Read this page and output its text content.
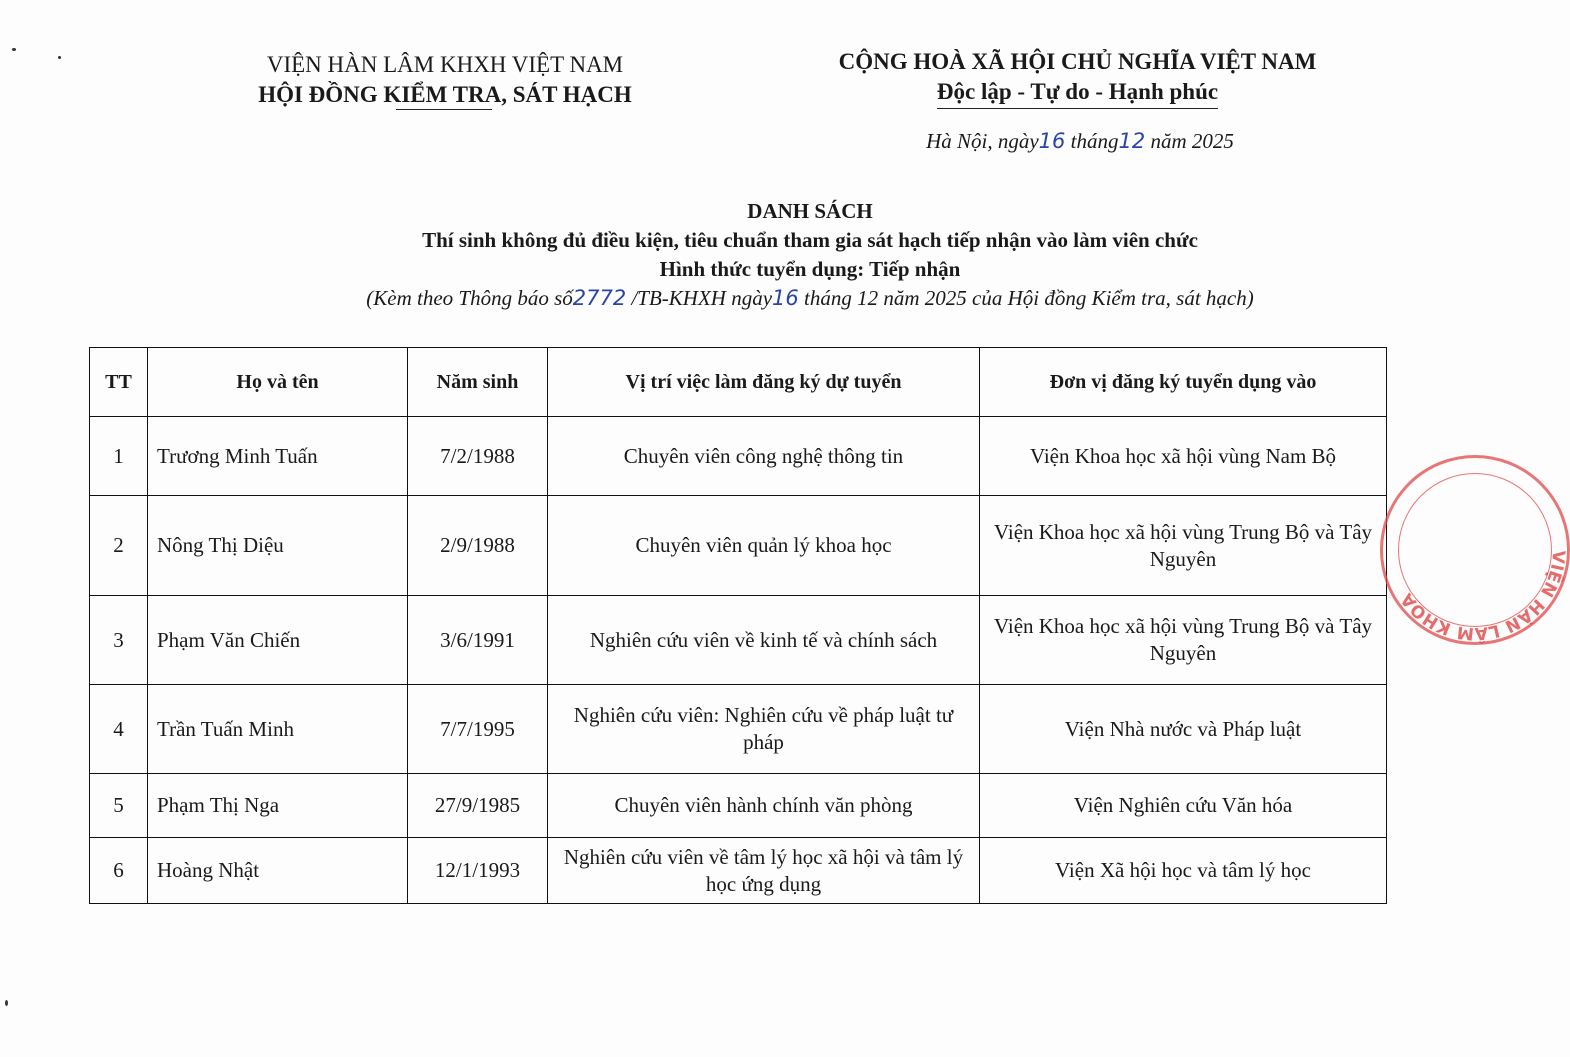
VIỆN HÀN LÂM KHXH VIỆT NAM
HỘI ĐỒNG KIỂM TRA, SÁT HẠCH
CỘNG HOÀ XÃ HỘI CHỦ NGHĨA VIỆT NAM
Độc lập - Tự do - Hạnh phúc
Hà Nội, ngày16 tháng12 năm 2025
DANH SÁCH
Thí sinh không đủ điều kiện, tiêu chuẩn tham gia sát hạch tiếp nhận vào làm viên chức
Hình thức tuyển dụng: Tiếp nhận
(Kèm theo Thông báo số2772 /TB-KHXH ngày16 tháng 12 năm 2025 của Hội đồng Kiểm tra, sát hạch)
TT	Họ và tên	Năm sinh	Vị trí việc làm đăng ký dự tuyển	Đơn vị đăng ký tuyển dụng vào
1	Trương Minh Tuấn	7/2/1988	Chuyên viên công nghệ thông tin	Viện Khoa học xã hội vùng Nam Bộ
2	Nông Thị Diệu	2/9/1988	Chuyên viên quản lý khoa học	Viện Khoa học xã hội vùng Trung Bộ và Tây Nguyên
3	Phạm Văn Chiến	3/6/1991	Nghiên cứu viên về kinh tế và chính sách	Viện Khoa học xã hội vùng Trung Bộ và Tây Nguyên
4	Trần Tuấn Minh	7/7/1995	Nghiên cứu viên: Nghiên cứu về pháp luật tư pháp	Viện Nhà nước và Pháp luật
5	Phạm Thị Nga	27/9/1985	Chuyên viên hành chính văn phòng	Viện Nghiên cứu Văn hóa
6	Hoàng Nhật	12/1/1993	Nghiên cứu viên về tâm lý học xã hội và tâm lý học ứng dụng	Viện Xã hội học và tâm lý học
VIỆN HÀN LÂM KHOA
